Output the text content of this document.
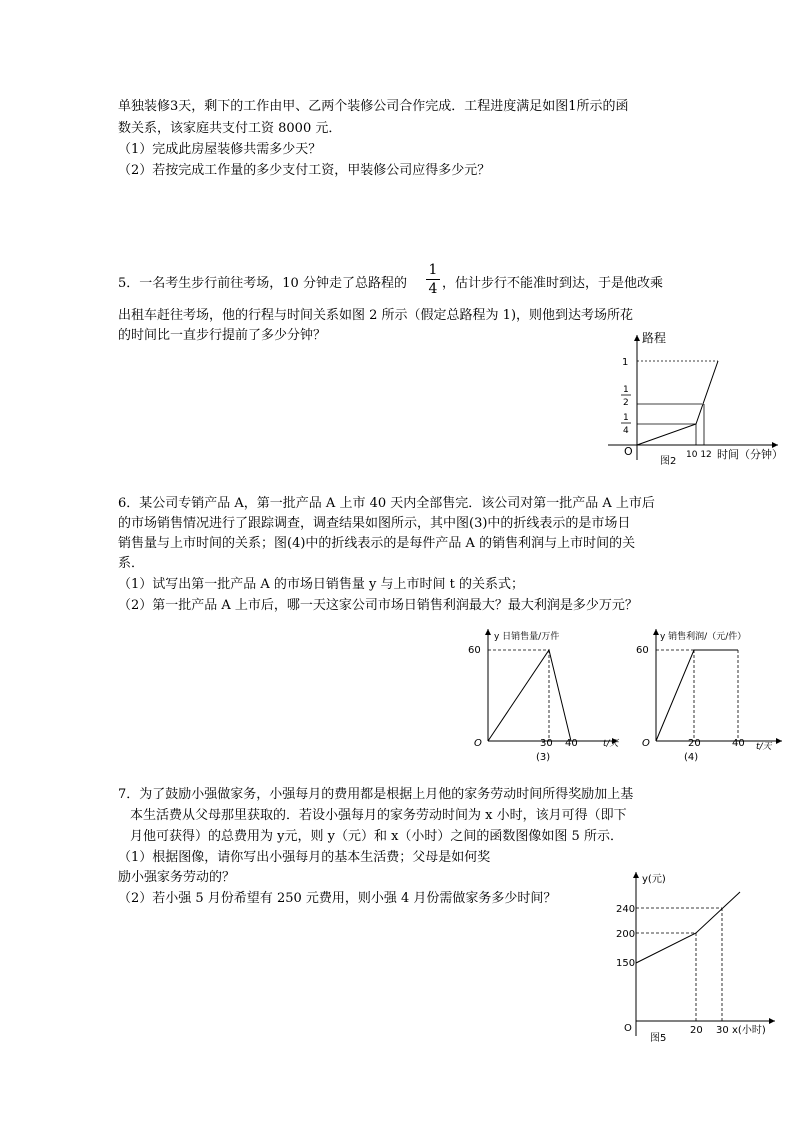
单独装修3天，剩下的工作由甲、乙两个装修公司合作完成．工程进度满足如图1所示的函
数关系，该家庭共支付工资 8000 元．
（1）完成此房屋装修共需多少天？
（2）若按完成工作量的多少支付工资，甲装修公司应得多少元？
5．一名考生步行前往考场，10 分钟走了总路程的
1
4 ，估计步行不能准时到达，于是他改乘
出租车赶往考场，他的行程与时间关系如图 2 所示（假定总路程为 1)，则他到达考场所花
的时间比一直步行提前了多少分钟？	路程
O
1
1
2
1
4
10 12 时间（分钟）
图2
6．某公司专销产品 A，第一批产品 A 上市 40 天内全部售完．该公司对第一批产品 A 上市后
的市场销售情况进行了跟踪调查，调查结果如图所示，其中图(3)中的折线表示的是市场日
销售量与上市时间的关系；图(4)中的折线表示的是每件产品 A 的销售利润与上市时间的关
系．
（1）试写出第一批产品 A 的市场日销售量 y 与上市时间 t 的关系式；
（2）第一批产品 A 上市后，哪一天这家公司市场日销售利润最大？最大利润是多少万元？
y 日销售量/万件
60
O	30 40	t/天
(3)
y 销售利润/（元/件）
60
O	20	40 t/天
(4)
7．为了鼓励小强做家务，小强每月的费用都是根据上月他的家务劳动时间所得奖励加上基
本生活费从父母那里获取的．若设小强每月的家务劳动时间为 x 小时，该月可得（即下
月他可获得）的总费用为 y元，则 y（元）和 x（小时）之间的函数图像如图 5 所示．
（1）根据图像，请你写出小强每月的基本生活费；父母是如何奖
励小强家务劳动的？
（2）若小强 5 月份希望有 250 元费用，则小强 4 月份需做家务多少时间？
y(元)
240
200
150
O	20 30 x(小时)
图5
